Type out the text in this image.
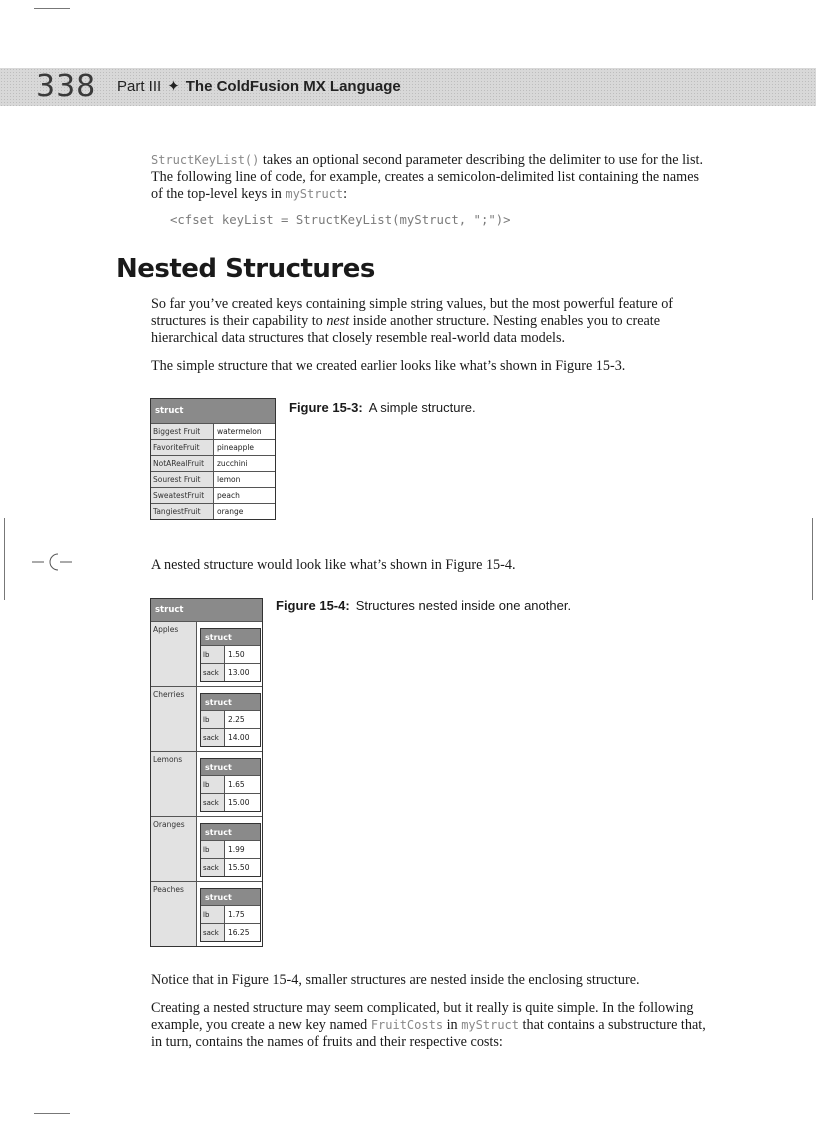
338 Part III ✦ The ColdFusion MX Language

StructKeyList() takes an optional second parameter describing the delimiter to use for the list. The following line of code, for example, creates a semicolon-delimited list containing the names of the top-level keys in myStruct:

<cfset keyList = StructKeyList(myStruct, ";")>
Nested Structures

So far you’ve created keys containing simple string values, but the most powerful feature of structures is their capability to nest inside another structure. Nesting enables you to create hierarchical data structures that closely resemble real-world data models.

The simple structure that we created earlier looks like what’s shown in Figure 15-3.

struct
Biggest Fruit	watermelon
FavoriteFruit	pineapple
NotARealFruit	zucchini
Sourest Fruit	lemon
SweatestFruit	peach
TangiestFruit	orange
Figure 15-3: A simple structure.

A nested structure would look like what’s shown in Figure 15-4.

struct
Apples
struct
lb	1.50
sack	13.00
Cherries
struct
lb	2.25
sack	14.00
Lemons
struct
lb	1.65
sack	15.00
Oranges
struct
lb	1.99
sack	15.50
Peaches
struct
lb	1.75
sack	16.25
Figure 15-4: Structures nested inside one another.

Notice that in Figure 15-4, smaller structures are nested inside the enclosing structure.

Creating a nested structure may seem complicated, but it really is quite simple. In the following example, you create a new key named FruitCosts in myStruct that contains a substructure that, in turn, contains the names of fruits and their respective costs:
